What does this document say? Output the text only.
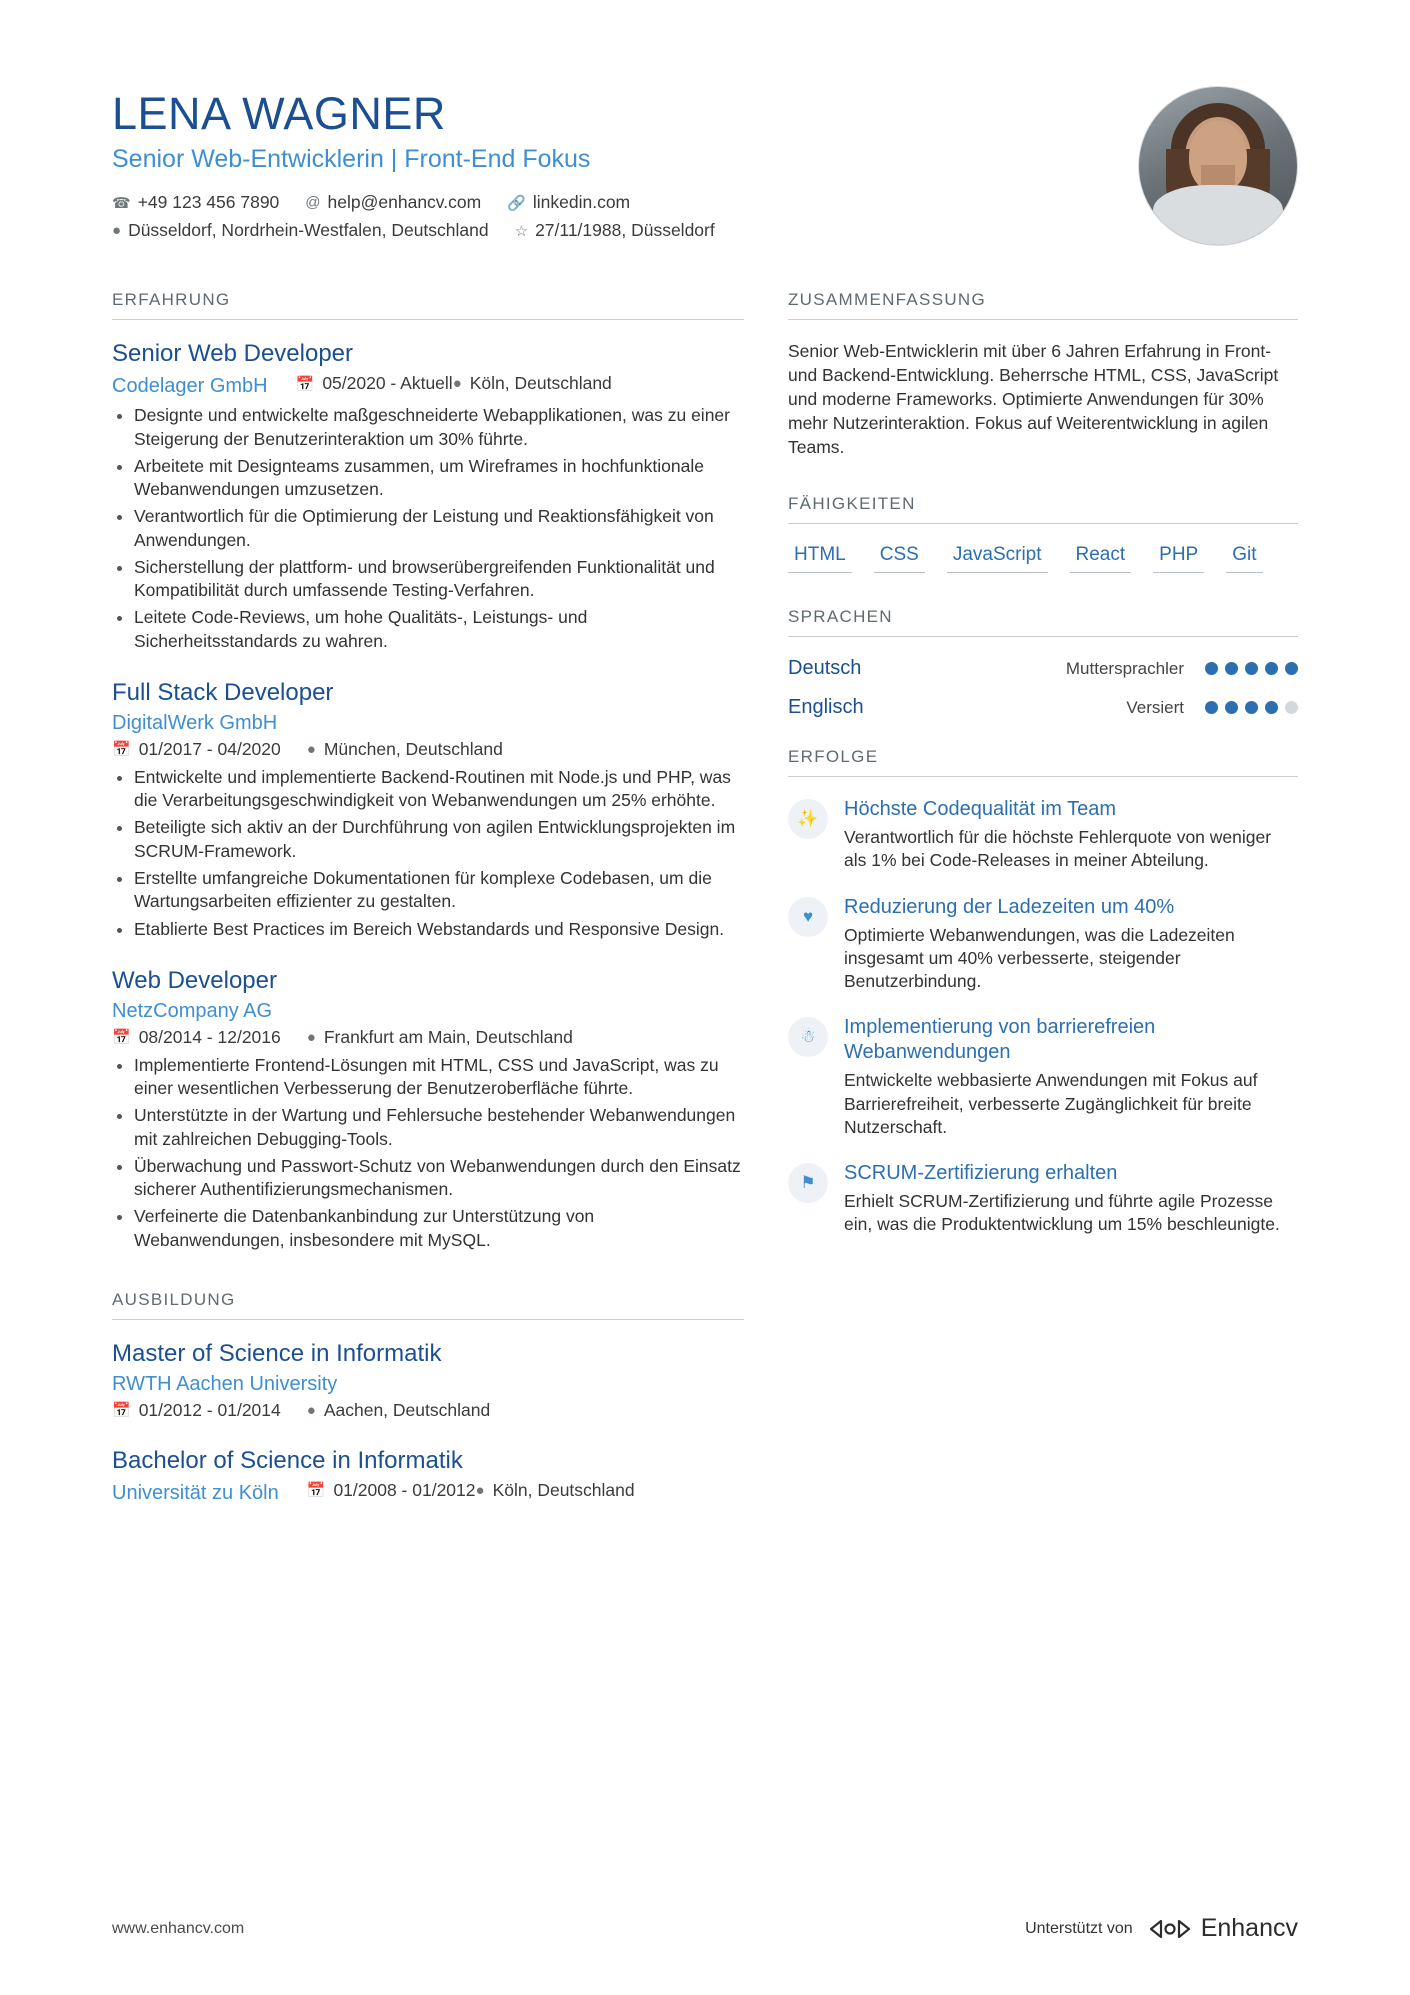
LENA WAGNER
Senior Web-Entwicklerin | Front-End Fokus
☎ +49 123 456 7890 @ help@enhancv.com 🔗 linkedin.com
● Düsseldorf, Nordrhein-Westfalen, Deutschland ☆ 27/11/1988, Düsseldorf
ERFAHRUNG
Senior Web Developer
Codelager GmbH 📅 05/2020 - Aktuell ● Köln, Deutschland
• Designte und entwickelte maßgeschneiderte Webapplikationen, was zu einer Steigerung der Benutzerinteraktion um 30% führte.
• Arbeitete mit Designteams zusammen, um Wireframes in hochfunktionale Webanwendungen umzusetzen.
• Verantwortlich für die Optimierung der Leistung und Reaktionsfähigkeit von Anwendungen.
• Sicherstellung der plattform- und browserübergreifenden Funktionalität und Kompatibilität durch umfassende Testing-Verfahren.
• Leitete Code-Reviews, um hohe Qualitäts-, Leistungs- und Sicherheitsstandards zu wahren.
Full Stack Developer
DigitalWerk GmbH
📅 01/2017 - 04/2020 ● München, Deutschland
• Entwickelte und implementierte Backend-Routinen mit Node.js und PHP, was die Verarbeitungsgeschwindigkeit von Webanwendungen um 25% erhöhte.
• Beteiligte sich aktiv an der Durchführung von agilen Entwicklungsprojekten im SCRUM-Framework.
• Erstellte umfangreiche Dokumentationen für komplexe Codebasen, um die Wartungsarbeiten effizienter zu gestalten.
• Etablierte Best Practices im Bereich Webstandards und Responsive Design.
Web Developer
NetzCompany AG
📅 08/2014 - 12/2016 ● Frankfurt am Main, Deutschland
• Implementierte Frontend-Lösungen mit HTML, CSS und JavaScript, was zu einer wesentlichen Verbesserung der Benutzeroberfläche führte.
• Unterstützte in der Wartung und Fehlersuche bestehender Webanwendungen mit zahlreichen Debugging-Tools.
• Überwachung und Passwort-Schutz von Webanwendungen durch den Einsatz sicherer Authentifizierungsmechanismen.
• Verfeinerte die Datenbankanbindung zur Unterstützung von Webanwendungen, insbesondere mit MySQL.
AUSBILDUNG
Master of Science in Informatik
RWTH Aachen University
📅 01/2012 - 01/2014 ● Aachen, Deutschland
Bachelor of Science in Informatik
Universität zu Köln 📅 01/2008 - 01/2012 ● Köln, Deutschland
ZUSAMMENFASSUNG
Senior Web-Entwicklerin mit über 6 Jahren Erfahrung in Front- und Backend-Entwicklung. Beherrsche HTML, CSS, JavaScript und moderne Frameworks. Optimierte Anwendungen für 30% mehr Nutzerinteraktion. Fokus auf Weiterentwicklung in agilen Teams.
FÄHIGKEITEN
HTML	CSS	JavaScript	React	PHP	Git
SPRACHEN
Deutsch	Muttersprachler
Englisch	Versiert
ERFOLGE
✨	Höchste Codequalität im Team
Verantwortlich für die höchste Fehlerquote von weniger als 1% bei Code-Releases in meiner Abteilung.
♥	Reduzierung der Ladezeiten um 40%
Optimierte Webanwendungen, was die Ladezeiten insgesamt um 40% verbesserte, steigender Benutzerbindung.
☃	Implementierung von barrierefreien Webanwendungen
Entwickelte webbasierte Anwendungen mit Fokus auf Barrierefreiheit, verbesserte Zugänglichkeit für breite Nutzerschaft.
⚑	SCRUM-Zertifizierung erhalten
Erhielt SCRUM-Zertifizierung und führte agile Prozesse ein, was die Produktentwicklung um 15% beschleunigte.
www.enhancv.com	Unterstützt von	Enhancv
